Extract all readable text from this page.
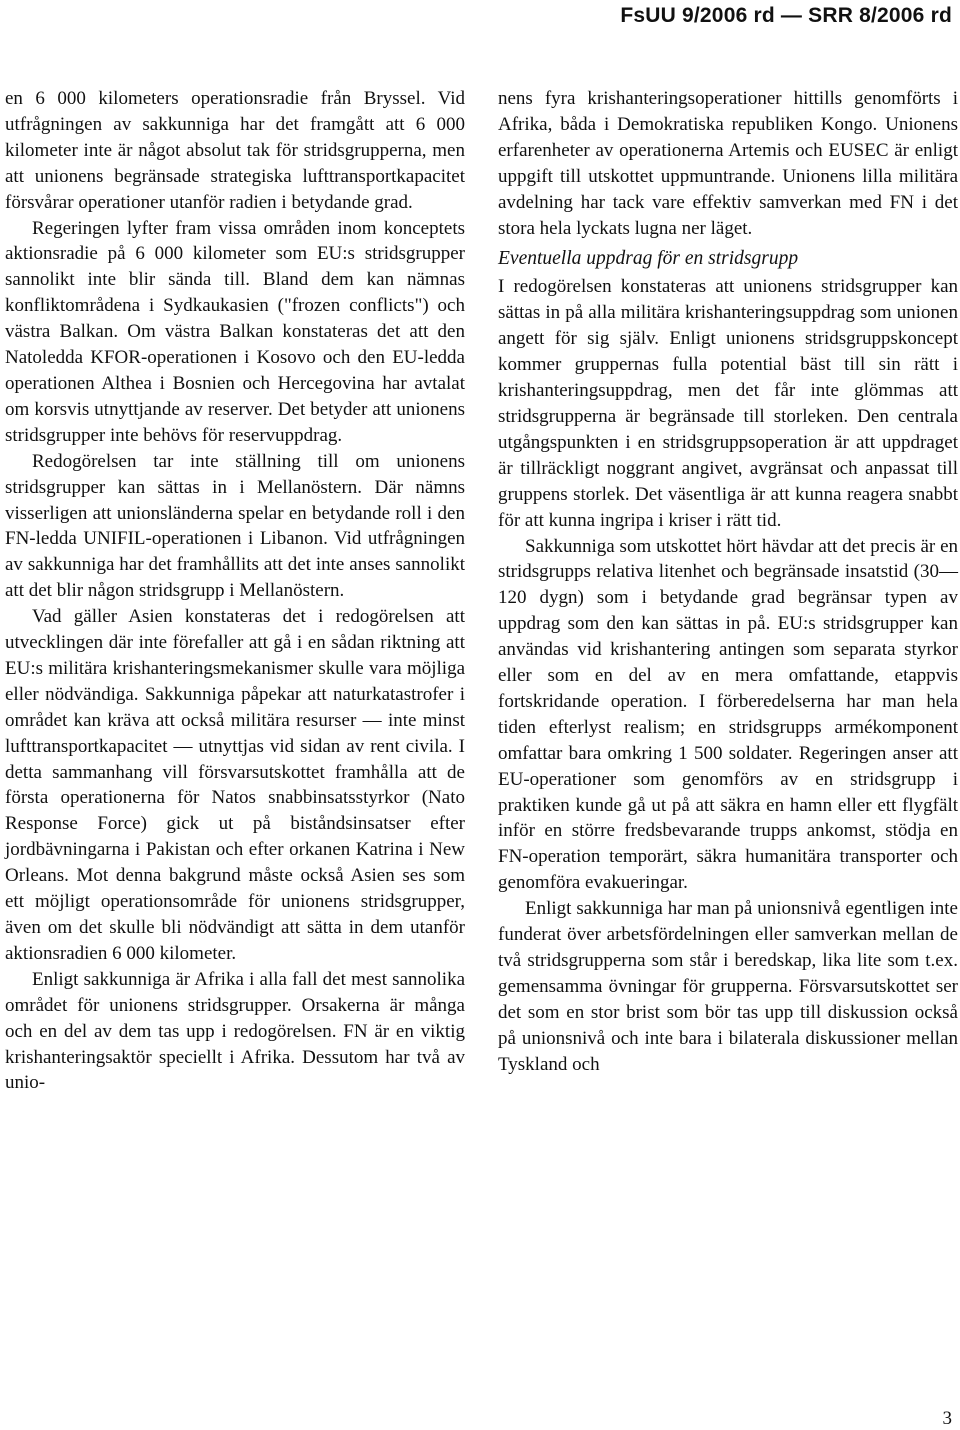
FsUU 9/2006 rd — SRR 8/2006 rd

en 6 000 kilometers operationsradie från Bryssel. Vid utfrågningen av sakkunniga har det framgått att 6 000 kilometer inte är något absolut tak för stridsgrupperna, men att unionens begränsade strategiska lufttransportkapacitet försvårar operationer utanför radien i betydande grad.

Regeringen lyfter fram vissa områden inom konceptets aktionsradie på 6 000 kilometer som EU:s stridsgrupper sannolikt inte blir sända till. Bland dem kan nämnas konfliktområdena i Sydkaukasien ("frozen conflicts") och västra Balkan. Om västra Balkan konstateras det att den Natoledda KFOR-operationen i Kosovo och den EU-ledda operationen Althea i Bosnien och Hercegovina har avtalat om korsvis utnyttjande av reserver. Det betyder att unionens stridsgrupper inte behövs för reservuppdrag.

Redogörelsen tar inte ställning till om unionens stridsgrupper kan sättas in i Mellanöstern. Där nämns visserligen att unionsländerna spelar en betydande roll i den FN-ledda UNIFIL-operationen i Libanon. Vid utfrågningen av sakkunniga har det framhållits att det inte anses sannolikt att det blir någon stridsgrupp i Mellanöstern.

Vad gäller Asien konstateras det i redogörelsen att utvecklingen där inte förefaller att gå i en sådan riktning att EU:s militära krishanteringsmekanismer skulle vara möjliga eller nödvändiga. Sakkunniga påpekar att naturkatastrofer i området kan kräva att också militära resurser — inte minst lufttransportkapacitet — utnyttjas vid sidan av rent civila. I detta sammanhang vill försvarsutskottet framhålla att de första operationerna för Natos snabbinsatsstyrkor (Nato Response Force) gick ut på biståndsinsatser efter jordbävningarna i Pakistan och efter orkanen Katrina i New Orleans. Mot denna bakgrund måste också Asien ses som ett möjligt operationsområde för unionens stridsgrupper, även om det skulle bli nödvändigt att sätta in dem utanför aktionsradien 6 000 kilometer.

Enligt sakkunniga är Afrika i alla fall det mest sannolika området för unionens stridsgrupper. Orsakerna är många och en del av dem tas upp i redogörelsen. FN är en viktig krishanteringsaktör speciellt i Afrika. Dessutom har två av unio-

nens fyra krishanteringsoperationer hittills genomförts i Afrika, båda i Demokratiska republiken Kongo. Unionens erfarenheter av operationerna Artemis och EUSEC är enligt uppgift till utskottet uppmuntrande. Unionens lilla militära avdelning har tack vare effektiv samverkan med FN i det stora hela lyckats lugna ner läget.

Eventuella uppdrag för en stridsgrupp

I redogörelsen konstateras att unionens stridsgrupper kan sättas in på alla militära krishanteringsuppdrag som unionen angett för sig själv. Enligt unionens stridsgruppskoncept kommer gruppernas fulla potential bäst till sin rätt i krishanteringsuppdrag, men det får inte glömmas att stridsgrupperna är begränsade till storleken. Den centrala utgångspunkten i en stridsgruppsoperation är att uppdraget är tillräckligt noggrant angivet, avgränsat och anpassat till gruppens storlek. Det väsentliga är att kunna reagera snabbt för att kunna ingripa i kriser i rätt tid.

Sakkunniga som utskottet hört hävdar att det precis är en stridsgrupps relativa litenhet och begränsade insatstid (30—120 dygn) som i betydande grad begränsar typen av uppdrag som den kan sättas in på. EU:s stridsgrupper kan användas vid krishantering antingen som separata styrkor eller som en del av en mera omfattande, etappvis fortskridande operation. I förberedelserna har man hela tiden efterlyst realism; en stridsgrupps armékomponent omfattar bara omkring 1 500 soldater. Regeringen anser att EU-operationer som genomförs av en stridsgrupp i praktiken kunde gå ut på att säkra en hamn eller ett flygfält inför en större fredsbevarande trupps ankomst, stödja en FN-operation temporärt, säkra humanitära transporter och genomföra evakueringar.

Enligt sakkunniga har man på unionsnivå egentligen inte funderat över arbetsfördelningen eller samverkan mellan de två stridsgrupperna som står i beredskap, lika lite som t.ex. gemensamma övningar för grupperna. Försvarsutskottet ser det som en stor brist som bör tas upp till diskussion också på unionsnivå och inte bara i bilaterala diskussioner mellan Tyskland och

3
